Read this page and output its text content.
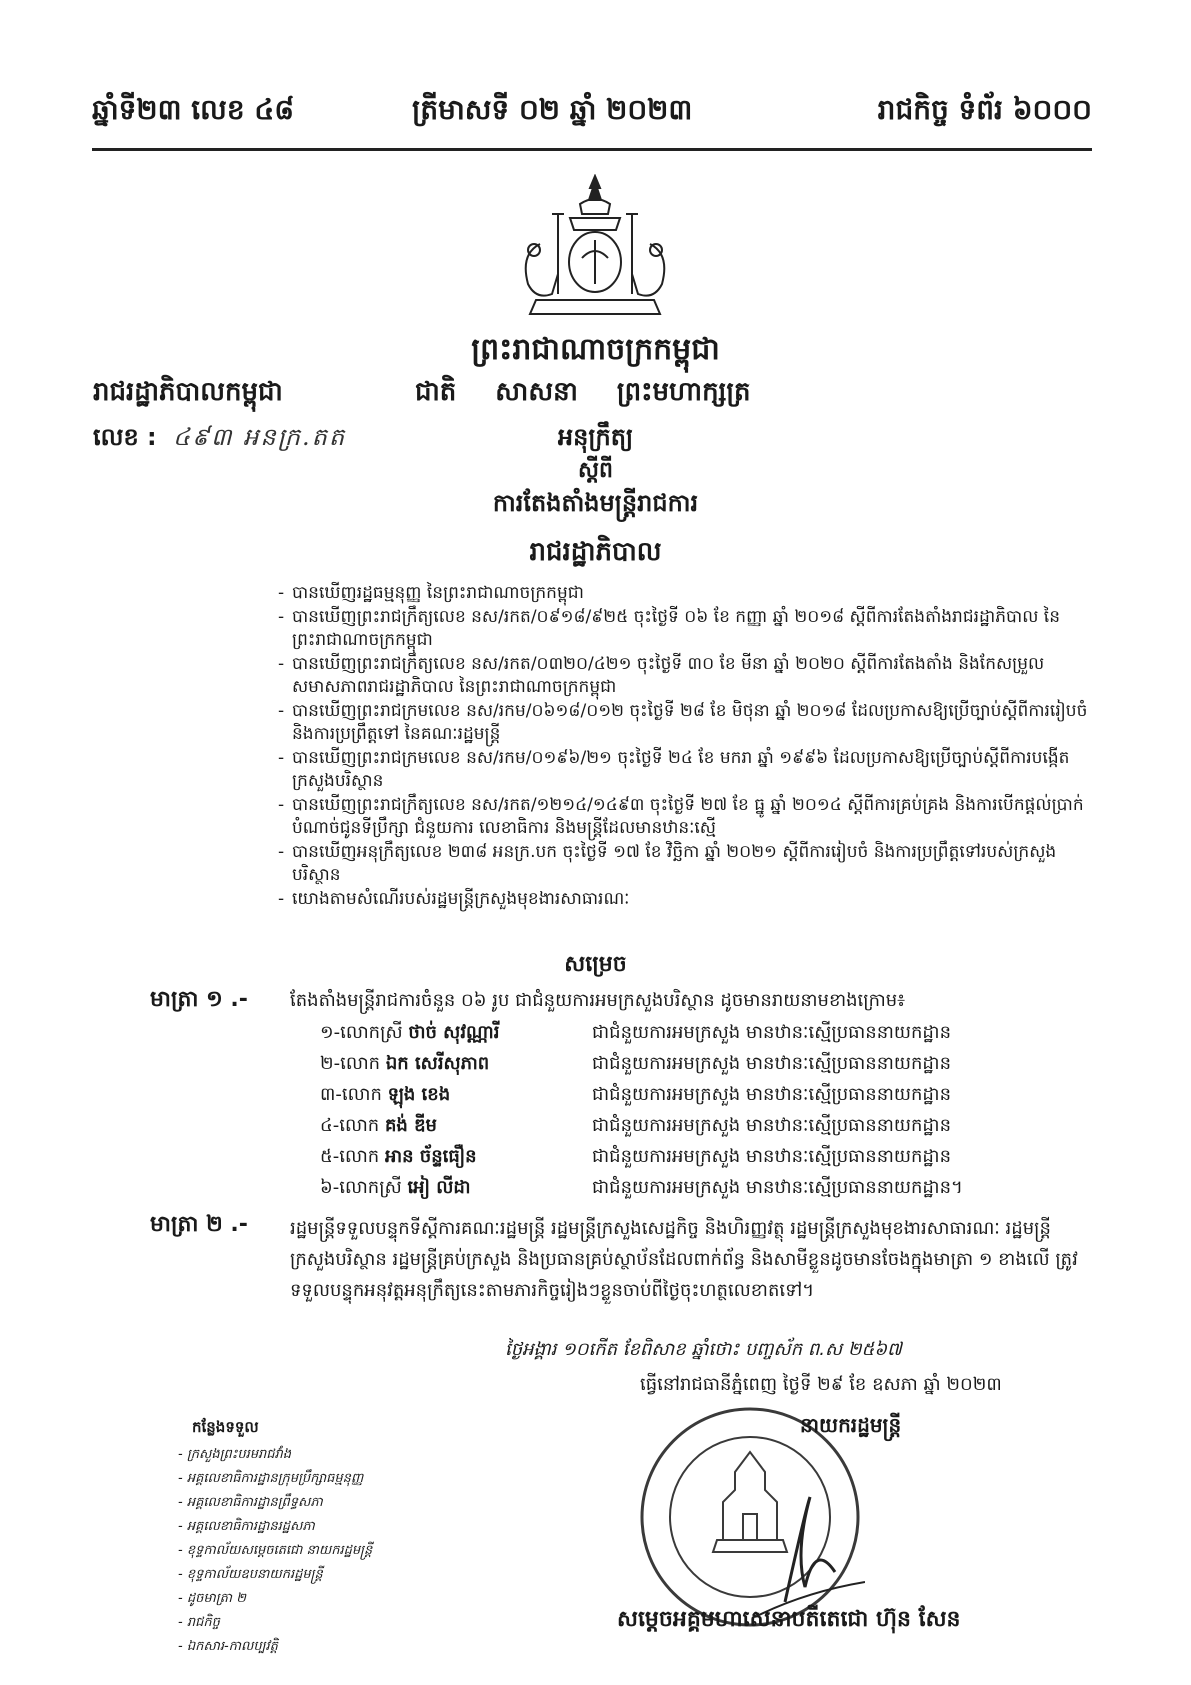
ឆ្នាំទី២៣ លេខ ៤៨	ត្រីមាសទី ០២ ឆ្នាំ ២០២៣	រាជកិច្ច ទំព័រ ៦០០០
ព្រះរាជាណាចក្រកម្ពុជា
រាជរដ្ឋាភិបាលកម្ពុជា	ជាតិ សាសនា ព្រះមហាក្សត្រ
លេខ : ៤៩៣ អនក្រ.តត	អនុក្រឹត្យ
ស្តីពី
ការតែងតាំងមន្ត្រីរាជការ
រាជរដ្ឋាភិបាល
- បានឃើញរដ្ឋធម្មនុញ្ញ នៃព្រះរាជាណាចក្រកម្ពុជា
- បានឃើញព្រះរាជក្រឹត្យលេខ នស/រកត/០៩១៨/៩២៥ ចុះថ្ងៃទី ០៦ ខែ កញ្ញា ឆ្នាំ ២០១៨ ស្តីពីការតែងតាំងរាជរដ្ឋាភិបាល នៃព្រះរាជាណាចក្រកម្ពុជា
- បានឃើញព្រះរាជក្រឹត្យលេខ នស/រកត/០៣២០/៤២១ ចុះថ្ងៃទី ៣០ ខែ មីនា ឆ្នាំ ២០២០ ស្តីពីការតែងតាំង និងកែសម្រួលសមាសភាពរាជរដ្ឋាភិបាល នៃព្រះរាជាណាចក្រកម្ពុជា
- បានឃើញព្រះរាជក្រមលេខ នស/រកម/០៦១៨/០១២ ចុះថ្ងៃទី ២៨ ខែ មិថុនា ឆ្នាំ ២០១៨ ដែលប្រកាសឱ្យប្រើច្បាប់ស្តីពីការរៀបចំ និងការប្រព្រឹត្តទៅ នៃគណៈរដ្ឋមន្ត្រី
- បានឃើញព្រះរាជក្រមលេខ នស/រកម/០១៩៦/២១ ចុះថ្ងៃទី ២៤ ខែ មករា ឆ្នាំ ១៩៩៦ ដែលប្រកាសឱ្យប្រើច្បាប់ស្តីពីការបង្កើតក្រសួងបរិស្ថាន
- បានឃើញព្រះរាជក្រឹត្យលេខ នស/រកត/១២១៤/១៤៩៣ ចុះថ្ងៃទី ២៧ ខែ ធ្នូ ឆ្នាំ ២០១៤ ស្តីពីការគ្រប់គ្រង និងការបើកផ្តល់ប្រាក់បំណាច់ជូនទីប្រឹក្សា ជំនួយការ លេខាធិការ និងមន្ត្រីដែលមានឋានៈស្មើ
- បានឃើញអនុក្រឹត្យលេខ ២៣៨ អនក្រ.បក ចុះថ្ងៃទី ១៧ ខែ វិច្ឆិកា ឆ្នាំ ២០២១ ស្តីពីការរៀបចំ និងការប្រព្រឹត្តទៅរបស់ក្រសួងបរិស្ថាន
- យោងតាមសំណើរបស់រដ្ឋមន្ត្រីក្រសួងមុខងារសាធារណៈ
សម្រេច
មាត្រា ១ .- តែងតាំងមន្ត្រីរាជការចំនួន ០៦ រូប ជាជំនួយការអមក្រសួងបរិស្ថាន ដូចមានរាយនាមខាងក្រោម៖
១-លោកស្រី ថាច់ សុវណ្ណារី	ជាជំនួយការអមក្រសួង មានឋានៈស្មើប្រធាននាយកដ្ឋាន
២-លោក ឯក សេរីសុភាព	ជាជំនួយការអមក្រសួង មានឋានៈស្មើប្រធាននាយកដ្ឋាន
៣-លោក ឡុង ខេង	ជាជំនួយការអមក្រសួង មានឋានៈស្មើប្រធាននាយកដ្ឋាន
៤-លោក គង់ ឌីម	ជាជំនួយការអមក្រសួង មានឋានៈស្មើប្រធាននាយកដ្ឋាន
៥-លោក អាន ច័ន្ទធឿន	ជាជំនួយការអមក្រសួង មានឋានៈស្មើប្រធាននាយកដ្ឋាន
៦-លោកស្រី អៀ លីដា	ជាជំនួយការអមក្រសួង មានឋានៈស្មើប្រធាននាយកដ្ឋាន។
មាត្រា ២ .- រដ្ឋមន្ត្រីទទួលបន្ទុកទីស្តីការគណៈរដ្ឋមន្ត្រី រដ្ឋមន្ត្រីក្រសួងសេដ្ឋកិច្ច និងហិរញ្ញវត្ថុ រដ្ឋមន្ត្រីក្រសួងមុខងារសាធារណៈ រដ្ឋមន្ត្រីក្រសួងបរិស្ថាន រដ្ឋមន្ត្រីគ្រប់ក្រសួង និងប្រធានគ្រប់ស្ថាប័នដែលពាក់ព័ន្ធ និងសាមីខ្លួនដូចមានចែងក្នុងមាត្រា ១ ខាងលើ ត្រូវទទួលបន្ទុកអនុវត្តអនុក្រឹត្យនេះតាមភារកិច្ចរៀងៗខ្លួនចាប់ពីថ្ងៃចុះហត្ថលេខាតទៅ។
ថ្ងៃអង្គារ ១០កើត ខែពិសាខ ឆ្នាំថោះ បញ្ចស័ក ព.ស ២៥៦៧
ធ្វើនៅរាជធានីភ្នំពេញ ថ្ងៃទី ២៩ ខែ ឧសភា ឆ្នាំ ២០២៣
នាយករដ្ឋមន្ត្រី
សម្តេចអគ្គមហាសេនាបតីតេជោ ហ៊ុន សែន
កន្លែងទទួល
- ក្រសួងព្រះបរមរាជវាំង
- អគ្គលេខាធិការដ្ឋានក្រុមប្រឹក្សាធម្មនុញ្ញ
- អគ្គលេខាធិការដ្ឋានព្រឹទ្ធសភា
- អគ្គលេខាធិការដ្ឋានរដ្ឋសភា
- ខុទ្ទកាល័យសម្តេចតេជោ នាយករដ្ឋមន្ត្រី
- ខុទ្ទកាល័យឧបនាយករដ្ឋមន្ត្រី
- ដូចមាត្រា ២
- រាជកិច្ច
- ឯកសារ-កាលប្បវត្តិ
